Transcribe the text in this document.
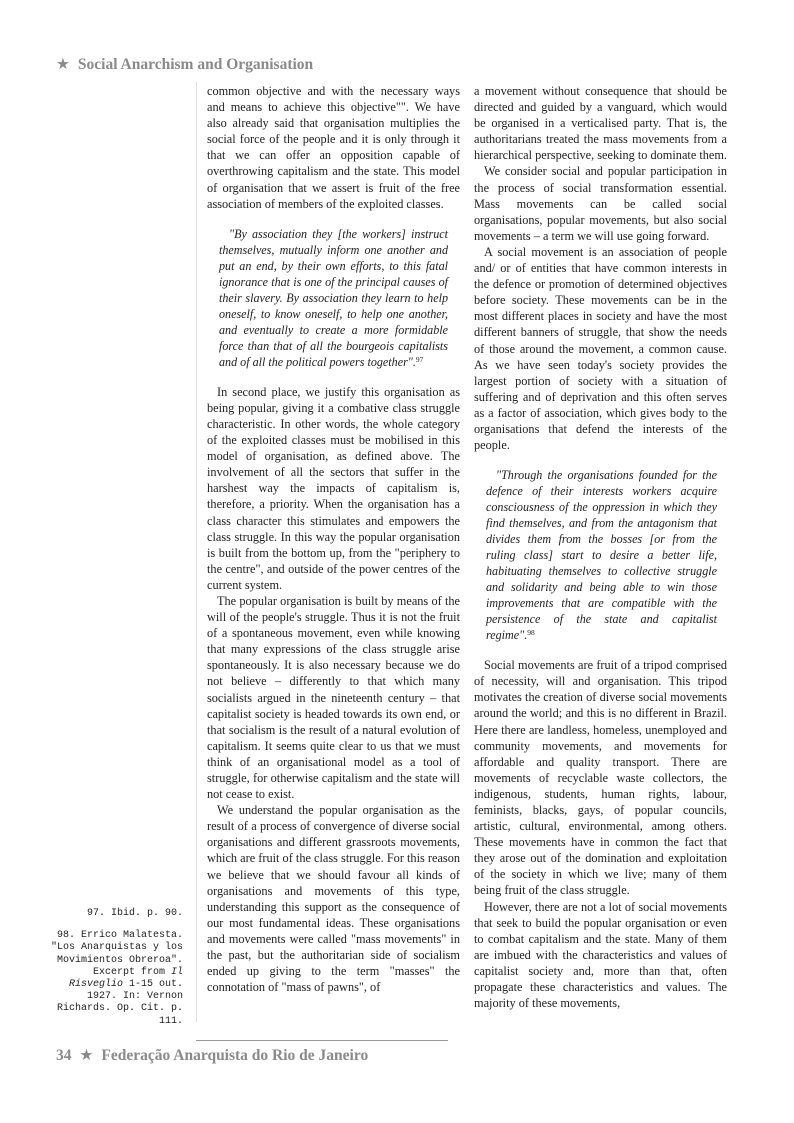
★ Social Anarchism and Organisation

common objective and with the necessary ways and means to achieve this objective"". We have also already said that organisation multiplies the social force of the people and it is only through it that we can offer an opposition capable of overthrowing capitalism and the state. This model of organisation that we assert is fruit of the free association of members of the exploited classes.

"By association they [the workers] instruct themselves, mutually inform one another and put an end, by their own efforts, to this fatal ignorance that is one of the principal causes of their slavery. By association they learn to help oneself, to know oneself, to help one another, and eventually to create a more formidable force than that of all the bourgeois capitalists and of all the political powers together".$^{97}$

In second place, we justify this organisation as being popular, giving it a combative class struggle characteristic. In other words, the whole category of the exploited classes must be mobilised in this model of organisation, as defined above. The involvement of all the sectors that suffer in the harshest way the impacts of capitalism is, therefore, a priority. When the organisation has a class character this stimulates and empowers the class struggle. In this way the popular organisation is built from the bottom up, from the "periphery to the centre", and outside of the power centres of the current system.

The popular organisation is built by means of the will of the people's struggle. Thus it is not the fruit of a spontaneous movement, even while knowing that many expressions of the class struggle arise spontaneously. It is also necessary because we do not believe – differently to that which many socialists argued in the nineteenth century – that capitalist society is headed towards its own end, or that socialism is the result of a natural evolution of capitalism. It seems quite clear to us that we must think of an organisational model as a tool of struggle, for otherwise capitalism and the state will not cease to exist.

We understand the popular organisation as the result of a process of convergence of diverse social organisations and different grassroots movements, which are fruit of the class struggle. For this reason we believe that we should favour all kinds of organisations and movements of this type, understanding this support as the consequence of our most fundamental ideas. These organisations and movements were called "mass movements" in the past, but the authoritarian side of socialism ended up giving to the term "masses" the connotation of "mass of pawns", of

a movement without consequence that should be directed and guided by a vanguard, which would be organised in a verticalised party. That is, the authoritarians treated the mass movements from a hierarchical perspective, seeking to dominate them.

We consider social and popular participation in the process of social transformation essential. Mass movements can be called social organisations, popular movements, but also social movements – a term we will use going forward.

A social movement is an association of people and/ or of entities that have common interests in the defence or promotion of determined objectives before society. These movements can be in the most different places in society and have the most different banners of struggle, that show the needs of those around the movement, a common cause. As we have seen today's society provides the largest portion of society with a situation of suffering and of deprivation and this often serves as a factor of association, which gives body to the organisations that defend the interests of the people.

"Through the organisations founded for the defence of their interests workers acquire consciousness of the oppression in which they find themselves, and from the antagonism that divides them from the bosses [or from the ruling class] start to desire a better life, habituating themselves to collective struggle and solidarity and being able to win those improvements that are compatible with the persistence of the state and capitalist regime".$^{98}$

Social movements are fruit of a tripod comprised of necessity, will and organisation. This tripod motivates the creation of diverse social movements around the world; and this is no different in Brazil. Here there are landless, homeless, unemployed and community movements, and movements for affordable and quality transport. There are movements of recyclable waste collectors, the indigenous, students, human rights, labour, feminists, blacks, gays, of popular councils, artistic, cultural, environmental, among others. These movements have in common the fact that they arose out of the domination and exploitation of the society in which we live; many of them being fruit of the class struggle.

However, there are not a lot of social movements that seek to build the popular organisation or even to combat capitalism and the state. Many of them are imbued with the characteristics and values of capitalist society and, more than that, often propagate these characteristics and values. The majority of these movements,

97. Ibid. p. 90.

98. Errico Malatesta. "Los Anarquistas y los Movimientos Obreroa". Excerpt from Il Risveglio 1-15 out. 1927. In: Vernon Richards. Op. Cit. p. 111.

34 ★ Federação Anarquista do Rio de Janeiro
